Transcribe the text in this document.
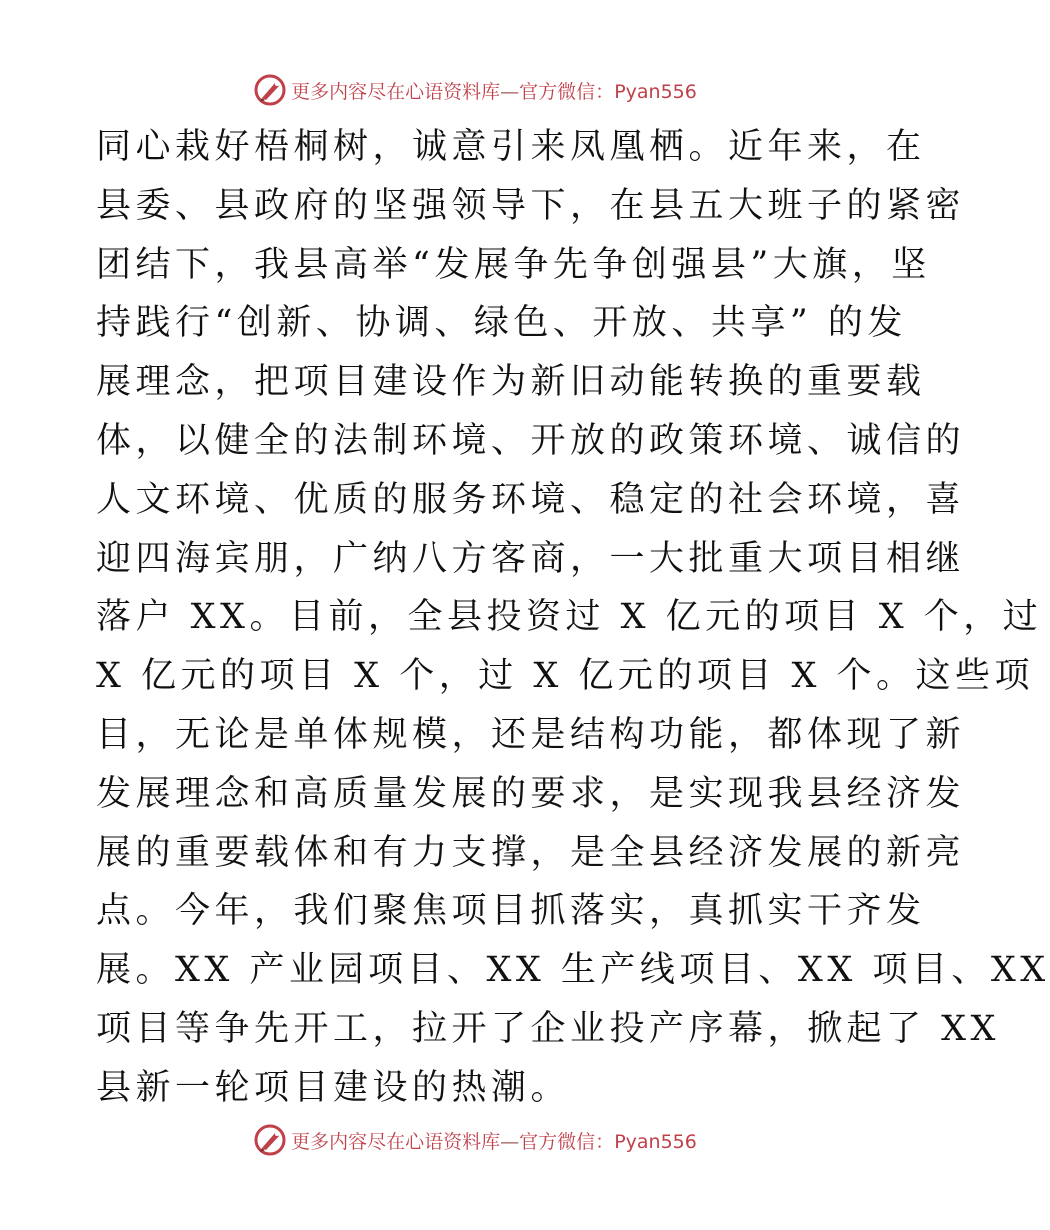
更多内容尽在心语资料库—官方微信：Pyan556
同心栽好梧桐树，诚意引来凤凰栖。近年来，在
县委、县政府的坚强领导下，在县五大班子的紧密
团结下，我县高举“发展争先争创强县”大旗，坚
持践行“创新、协调、绿色、开放、共享” 的发
展理念，把项目建设作为新旧动能转换的重要载
体，以健全的法制环境、开放的政策环境、诚信的
人文环境、优质的服务环境、稳定的社会环境，喜
迎四海宾朋，广纳八方客商，一大批重大项目相继
落户 XX。目前，全县投资过 X 亿元的项目 X 个，过
X 亿元的项目 X 个，过 X 亿元的项目 X 个。这些项
目，无论是单体规模，还是结构功能，都体现了新
发展理念和高质量发展的要求，是实现我县经济发
展的重要载体和有力支撑，是全县经济发展的新亮
点。今年，我们聚焦项目抓落实，真抓实干齐发
展。XX 产业园项目、XX 生产线项目、XX 项目、XX
项目等争先开工，拉开了企业投产序幕，掀起了 XX
县新一轮项目建设的热潮。
更多内容尽在心语资料库—官方微信：Pyan556
